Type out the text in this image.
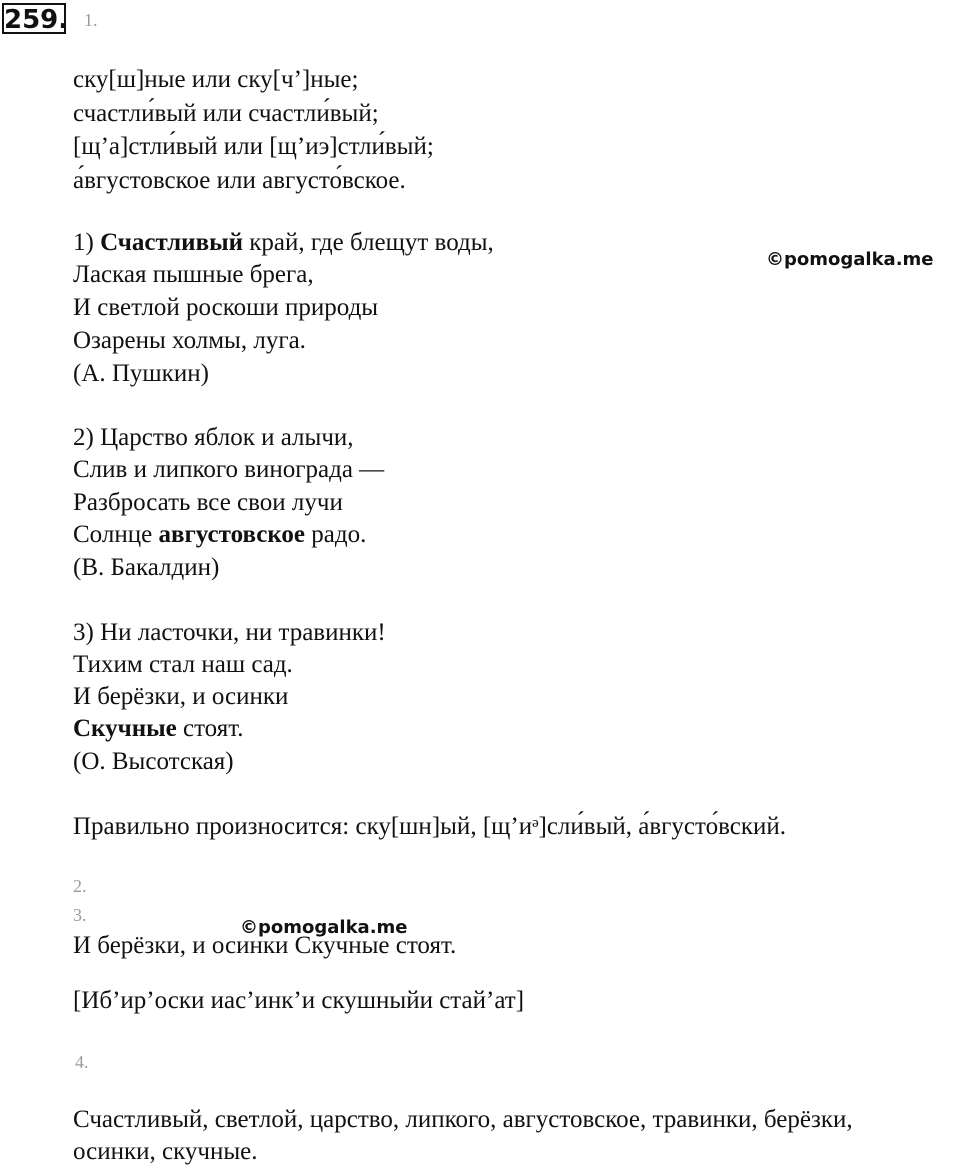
259. 1.
ску[ш]ные или ску[ч’]ные;
счастли́вый или счастли́вый;
[щ’а]стли́вый или [щ’иэ]стли́вый;
а́вгустовское или августо́вское.
1) Счастливый край, где блещут воды,
Лаская пышные брега,
И светлой роскоши природы
Озарены холмы, луга.
(А. Пушкин)
©pomogalka.me
2) Царство яблок и алычи,
Слив и липкого винограда —
Разбросать все свои лучи
Солнце августовское радо.
(В. Бакалдин)
3) Ни ласточки, ни травинки!
Тихим стал наш сад.
И берёзки, и осинки
Скучные стоят.
(О. Высотская)
Правильно произносится: ску[шн]ый, [щ’иᵊ]сли́вый, а́вгусто́вский.
2.
3.
©pomogalka.me
И берёзки, и осинки Скучные стоят.
[Иб’ир’оски иас’инк’и скушныйи стай’ат]
4.
Счастливый, светлой, царство, липкого, августовское, травинки, берёзки,
осинки, скучные.
